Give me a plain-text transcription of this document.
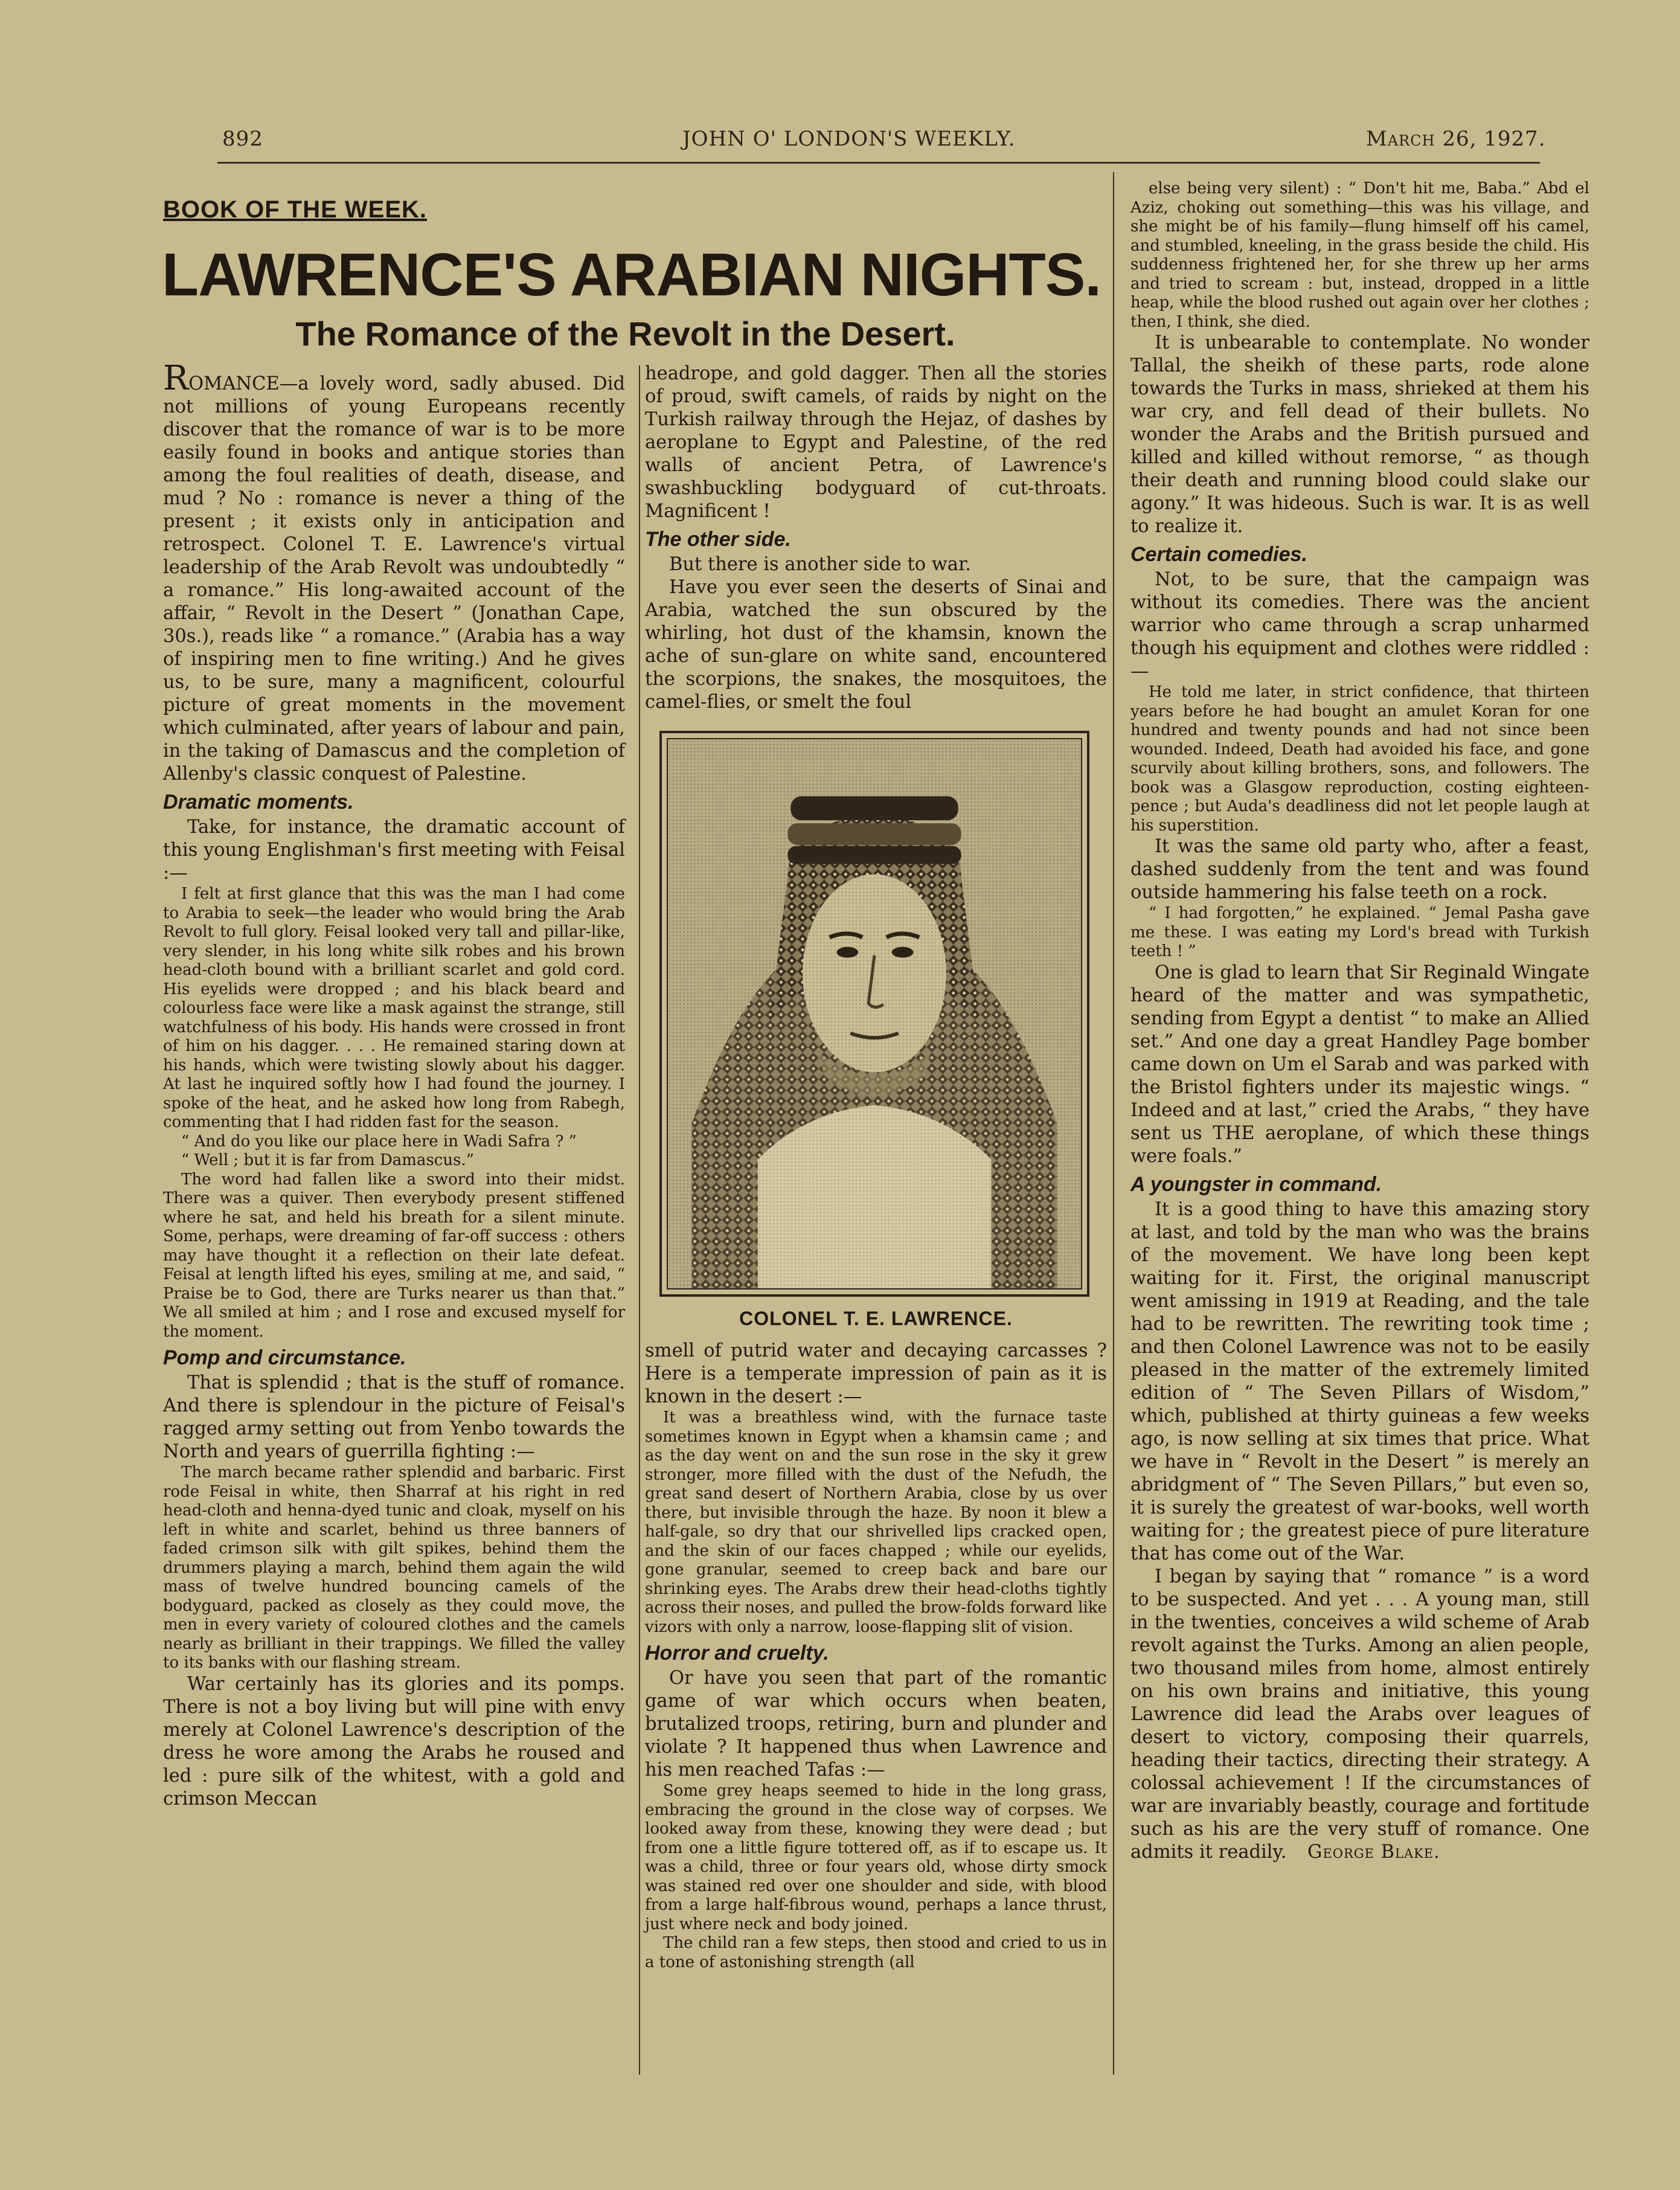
892	JOHN O' LONDON'S WEEKLY.	March 26, 1927.
BOOK OF THE WEEK.
LAWRENCE'S ARABIAN NIGHTS.
The Romance of the Revolt in the Desert.

ROMANCE—a lovely word, sadly abused. Did not millions of young Europeans recently discover that the romance of war is to be more easily found in books and antique stories than among the foul realities of death, disease, and mud ? No : romance is never a thing of the present ; it exists only in anticipation and retrospect. Colonel T. E. Lawrence's virtual leadership of the Arab Revolt was undoubtedly “ a romance.” His long-awaited account of the affair, “ Revolt in the Desert ” (Jonathan Cape, 30s.), reads like “ a romance.” (Arabia has a way of inspiring men to fine writing.) And he gives us, to be sure, many a magnificent, colourful picture of great moments in the movement which culminated, after years of labour and pain, in the taking of Damascus and the completion of Allenby's classic conquest of Palestine.

Dramatic moments.

Take, for instance, the dramatic account of this young Englishman's first meeting with Feisal :—

I felt at first glance that this was the man I had come to Arabia to seek—the leader who would bring the Arab Revolt to full glory. Feisal looked very tall and pillar-like, very slender, in his long white silk robes and his brown head-cloth bound with a brilliant scarlet and gold cord. His eyelids were dropped ; and his black beard and colourless face were like a mask against the strange, still watchfulness of his body. His hands were crossed in front of him on his dagger. . . . He remained staring down at his hands, which were twisting slowly about his dagger. At last he inquired softly how I had found the journey. I spoke of the heat, and he asked how long from Rabegh, commenting that I had ridden fast for the season.

“ And do you like our place here in Wadi Safra ? ”

“ Well ; but it is far from Damascus.”

The word had fallen like a sword into their midst. There was a quiver. Then everybody present stiffened where he sat, and held his breath for a silent minute. Some, perhaps, were dreaming of far-off success : others may have thought it a reflection on their late defeat. Feisal at length lifted his eyes, smiling at me, and said, “ Praise be to God, there are Turks nearer us than that.” We all smiled at him ; and I rose and excused myself for the moment.

Pomp and circumstance.

That is splendid ; that is the stuff of romance. And there is splendour in the picture of Feisal's ragged army setting out from Yenbo towards the North and years of guerrilla fighting :—

The march became rather splendid and barbaric. First rode Feisal in white, then Sharraf at his right in red head-cloth and henna-dyed tunic and cloak, myself on his left in white and scarlet, behind us three banners of faded crimson silk with gilt spikes, behind them the drummers playing a march, behind them again the wild mass of twelve hundred bouncing camels of the bodyguard, packed as closely as they could move, the men in every variety of coloured clothes and the camels nearly as brilliant in their trappings. We filled the valley to its banks with our flashing stream.

War certainly has its glories and its pomps. There is not a boy living but will pine with envy merely at Colonel Lawrence's description of the dress he wore among the Arabs he roused and led : pure silk of the whitest, with a gold and crimson Meccan

headrope, and gold dagger. Then all the stories of proud, swift camels, of raids by night on the Turkish railway through the Hejaz, of dashes by aeroplane to Egypt and Palestine, of the red walls of ancient Petra, of Lawrence's swashbuckling bodyguard of cut-throats. Magnificent !

The other side.

But there is another side to war.

Have you ever seen the deserts of Sinai and Arabia, watched the sun obscured by the whirling, hot dust of the khamsin, known the ache of sun-glare on white sand, encountered the scorpions, the snakes, the mosquitoes, the camel-flies, or smelt the foul

COLONEL T. E. LAWRENCE.

smell of putrid water and decaying carcasses ? Here is a temperate impression of pain as it is known in the desert :—

It was a breathless wind, with the furnace taste sometimes known in Egypt when a khamsin came ; and as the day went on and the sun rose in the sky it grew stronger, more filled with the dust of the Nefudh, the great sand desert of Northern Arabia, close by us over there, but invisible through the haze. By noon it blew a half-gale, so dry that our shrivelled lips cracked open, and the skin of our faces chapped ; while our eyelids, gone granular, seemed to creep back and bare our shrinking eyes. The Arabs drew their head-cloths tightly across their noses, and pulled the brow-folds forward like vizors with only a narrow, loose-flapping slit of vision.

Horror and cruelty.

Or have you seen that part of the romantic game of war which occurs when beaten, brutalized troops, retiring, burn and plunder and violate ? It happened thus when Lawrence and his men reached Tafas :—

Some grey heaps seemed to hide in the long grass, embracing the ground in the close way of corpses. We looked away from these, knowing they were dead ; but from one a little figure tottered off, as if to escape us. It was a child, three or four years old, whose dirty smock was stained red over one shoulder and side, with blood from a large half-fibrous wound, perhaps a lance thrust, just where neck and body joined.

The child ran a few steps, then stood and cried to us in a tone of astonishing strength (all

else being very silent) : “ Don't hit me, Baba.” Abd el Aziz, choking out something—this was his village, and she might be of his family—flung himself off his camel, and stumbled, kneeling, in the grass beside the child. His suddenness frightened her, for she threw up her arms and tried to scream : but, instead, dropped in a little heap, while the blood rushed out again over her clothes ; then, I think, she died.

It is unbearable to contemplate. No wonder Tallal, the sheikh of these parts, rode alone towards the Turks in mass, shrieked at them his war cry, and fell dead of their bullets. No wonder the Arabs and the British pursued and killed and killed without remorse, “ as though their death and running blood could slake our agony.” It was hideous. Such is war. It is as well to realize it.

Certain comedies.

Not, to be sure, that the campaign was without its comedies. There was the ancient warrior who came through a scrap unharmed though his equipment and clothes were riddled :—

He told me later, in strict confidence, that thirteen years before he had bought an amulet Koran for one hundred and twenty pounds and had not since been wounded. Indeed, Death had avoided his face, and gone scurvily about killing brothers, sons, and followers. The book was a Glasgow reproduction, costing eighteen-pence ; but Auda's deadliness did not let people laugh at his superstition.

It was the same old party who, after a feast, dashed suddenly from the tent and was found outside hammering his false teeth on a rock.

“ I had forgotten,” he explained. “ Jemal Pasha gave me these. I was eating my Lord's bread with Turkish teeth ! ”

One is glad to learn that Sir Reginald Wingate heard of the matter and was sympathetic, sending from Egypt a dentist “ to make an Allied set.” And one day a great Handley Page bomber came down on Um el Sarab and was parked with the Bristol fighters under its majestic wings. “ Indeed and at last,” cried the Arabs, “ they have sent us THE aeroplane, of which these things were foals.”

A youngster in command.

It is a good thing to have this amazing story at last, and told by the man who was the brains of the movement. We have long been kept waiting for it. First, the original manuscript went amissing in 1919 at Reading, and the tale had to be rewritten. The rewriting took time ; and then Colonel Lawrence was not to be easily pleased in the matter of the extremely limited edition of “ The Seven Pillars of Wisdom,” which, published at thirty guineas a few weeks ago, is now selling at six times that price. What we have in “ Revolt in the Desert ” is merely an abridgment of “ The Seven Pillars,” but even so, it is surely the greatest of war-books, well worth waiting for ; the greatest piece of pure literature that has come out of the War.

I began by saying that “ romance ” is a word to be suspected. And yet . . . A young man, still in the twenties, conceives a wild scheme of Arab revolt against the Turks. Among an alien people, two thousand miles from home, almost entirely on his own brains and initiative, this young Lawrence did lead the Arabs over leagues of desert to victory, composing their quarrels, heading their tactics, directing their strategy. A colossal achievement ! If the circumstances of war are invariably beastly, courage and fortitude such as his are the very stuff of romance. One admits it readily. George Blake.
